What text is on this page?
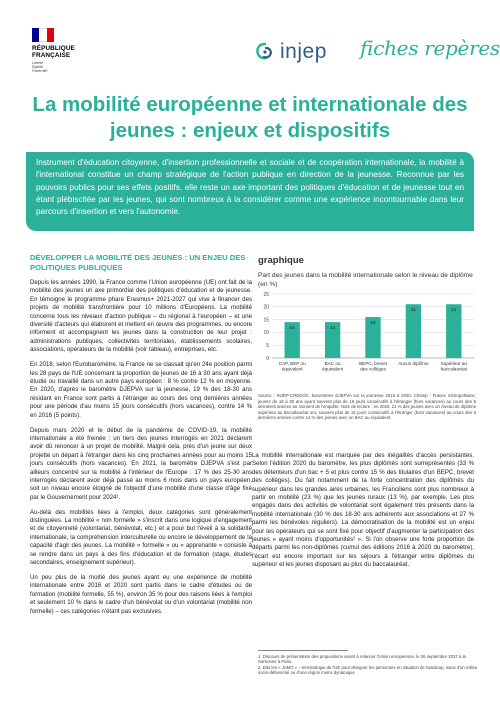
RÉPUBLIQUE
FRANÇAISE
Liberté
Égalité
Fraternité
injep fiches repères
La mobilité européenne et internationale des jeunes : enjeux et dispositifs
Instrument d'éducation citoyenne, d'insertion professionnelle et sociale et de coopération internationale, la mobilité à l'international constitue un champ stratégique de l'action publique en direction de la jeunesse. Reconnue par les pouvoirs publics pour ses effets positifs, elle reste un axe important des politiques d'éducation et de jeunesse tout en étant plébiscitée par les jeunes, qui sont nombreux à la considérer comme une expérience incontournable dans leur parcours d'insertion et vers l'autonomie.
DÉVELOPPER LA MOBILITÉ DES JEUNES : UN ENJEU DES POLITIQUES PUBLIQUES

Depuis les années 1990, la France comme l'Union européenne (UE) ont fait de la mobilité des jeunes un axe primordial des politiques d'éducation et de jeunesse. En témoigne le programme phare Erasmus+ 2021-2027 qui vise à financer des projets de mobilité transfrontière pour 10 millions d'Européens. La mobilité concerne tous les niveaux d'action publique – du régional à l'européen – et une diversité d'acteurs qui élaborent et mettent en œuvre des programmes, ou encore informent et accompagnent les jeunes dans la construction de leur projet : administrations publiques, collectivités territoriales, établissements scolaires, associations, opérateurs de la mobilité (voir tableau), entreprises, etc.

En 2018, selon l'Eurobaromètre, la France ne se classait qu'en 24e position parmi les 28 pays de l'UE concernant la proportion de jeunes de 16 à 30 ans ayant déjà étudié ou travaillé dans un autre pays européen : 8 % contre 12 % en moyenne. En 2020, d'après le baromètre DJEPVA sur la jeunesse, 19 % des 18-30 ans résidant en France sont partis à l'étranger au cours des cinq dernières années pour une période d'au moins 15 jours consécutifs (hors vacances), contre 14 % en 2016 (5 points).

Depuis mars 2020 et le début de la pandémie de COVID-19, la mobilité internationale a été freinée : un tiers des jeunes interrogés en 2021 déclarent avoir dû renoncer à un projet de mobilité. Malgré cela, près d'un jeune sur deux projette un départ à l'étranger dans les cinq prochaines années pour au moins 15 jours consécutifs (hors vacances). En 2021, la baromètre DJEPVA s'est par ailleurs concentré sur la mobilité à l'intérieur de l'Europe : 17 % des 25-30 ans interrogés déclarent avoir déjà passé au moins 6 mois dans un pays européen, soit un niveau encore éloigné de l'objectif d'une mobilité d'une classe d'âge fixé par le Gouvernement pour 2024¹.

Au-delà des mobilités liées à l'emploi, deux catégories sont généralement distinguées. La mobilité « non formelle » s'inscrit dans une logique d'engagement et de citoyenneté (volontariat, bénévolat, etc.) et a pour but l'éveil à la solidarité internationale, la compréhension interculturelle ou encore le développement de la capacité d'agir des jeunes. La mobilité « formelle » ou « apprenante » consiste à se rendre dans un pays à des fins d'éducation et de formation (stage, études secondaires, enseignement supérieur).

Un peu plus de la moitié des jeunes ayant eu une expérience de mobilité internationale entre 2016 et 2020 sont partis dans le cadre d'études ou de formation (mobilité formelle, 55 %), environ 35 % pour des raisons liées à l'emploi et seulement 10 % dans le cadre d'un bénévolat ou d'un volontariat (mobilité non formelle) – ces catégories n'étant pas exclusives.

graphique
Part des jeunes dans la mobilité internationale selon le niveau de diplôme (en %)
0
5
10
15
20
25
14
CAP, BEP ou équivalent
14
BAC ou équivalent
16
BEPC, brevet des collèges
21
Aucun diplôme
21
Supérieur au baccalauréat
Source : INJEP-CREDOC, baromètres DJEPVA sur la jeunesse 2016 à 2020. Champ : France métropolitaine, jeunes de 18 à 30 ans ayant souvent plus de 15 jours consécutifs à l'étranger (hors vacances) au cours des 5 dernières années au moment de l'enquête. Note de lecture : en 2020, 21 % des jeunes avec un niveau de diplôme supérieur au baccalauréat ont, souvent plus de 15 jours consécutifs à l'étranger (hors vacances) au cours des 5 dernières années contre 14 % des jeunes avec un BAC ou équivalent.

La mobilité internationale est marquée par des inégalités d'accès persistantes. Selon l'édition 2020 du baromètre, les plus diplômés sont surreprésentés (33 % des détenteurs d'un bac + 5 et plus contre 15 % des titulaires d'un BEPC, brevet des collèges). Du fait notamment de la forte concentration des diplômés du supérieur dans les grandes aires urbaines, les Franciliens sont plus nombreux à partir en mobilité (23 %) que les jeunes ruraux (13 %), par exemple. Les plus engagés dans des activités de volontariat sont également très présents dans la mobilité internationale (30 % des 18-30 ans adhérents aux associations et 27 % parmi les bénévoles réguliers). La démocratisation de la mobilité est un enjeu pour les opérateurs qui se sont fixé pour objectif d'augmenter la participation des jeunes « ayant moins d'opportunités² ». Si l'on observe une forte proportion de départs parmi les non-diplômés (cumul des éditions 2016 à 2020 du baromètre), l'écart est encore important sur les séjours à l'étranger entre diplômés du supérieur et les jeunes disposant au plus du baccalauréat.

1. Discours de présentation des propositions visant à relancer l'Union européenne, le 26 septembre 2017 à la Sorbonne à Paris.
2. Dits les « JAMO » – terminologie de l'UE pour désigner les personnes en situation de handicap, issus d'un milieu socio-défavorisé ou d'une région moins dynamique
